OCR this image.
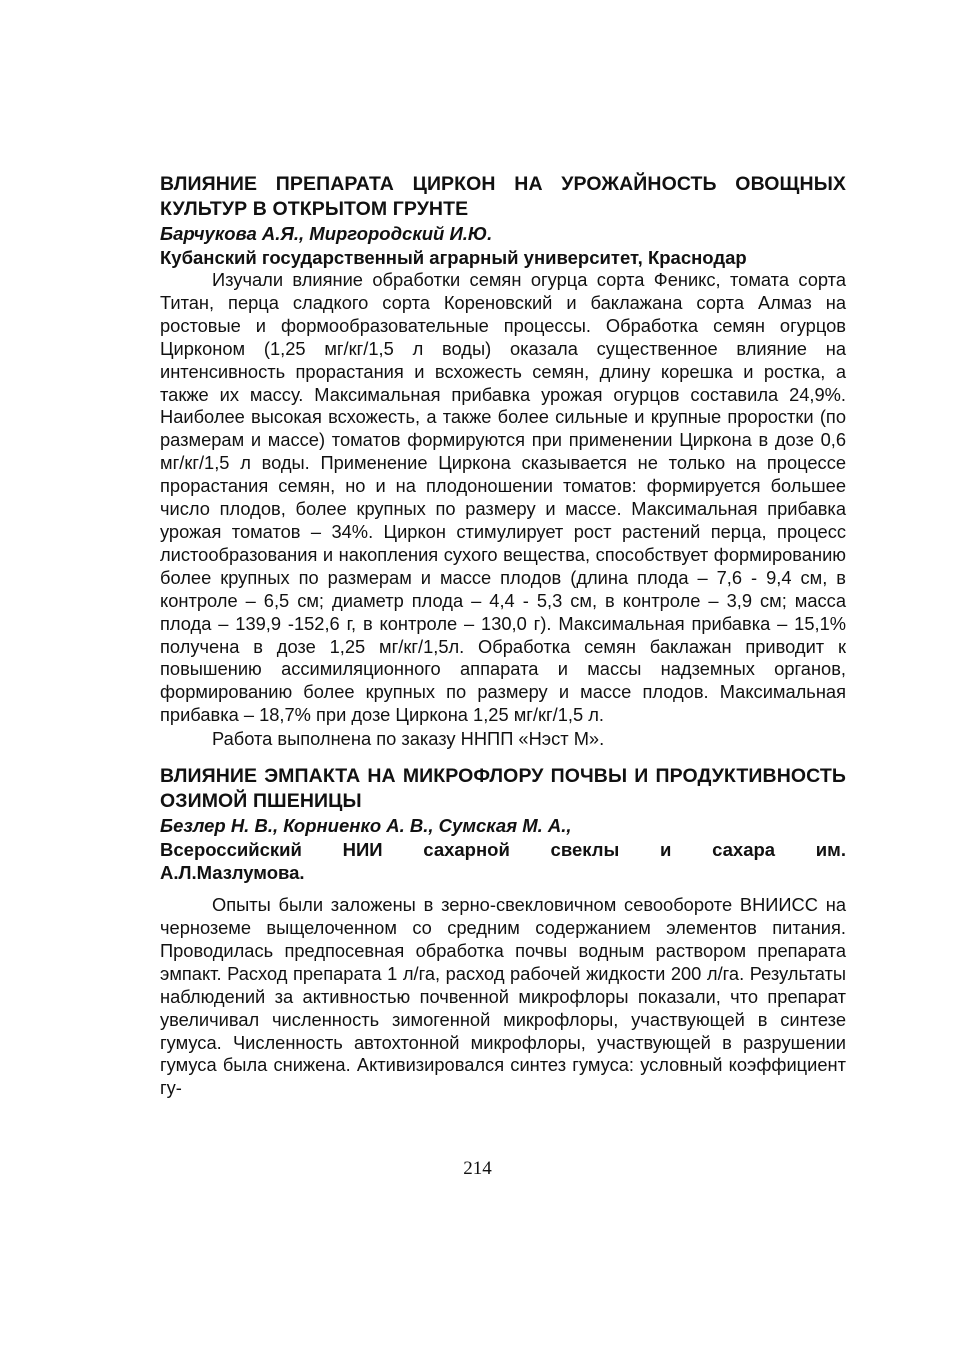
ВЛИЯНИЕ ПРЕПАРАТА ЦИРКОН НА УРОЖАЙНОСТЬ ОВОЩНЫХ КУЛЬТУР В ОТКРЫТОМ ГРУНТЕ

Барчукова А.Я., Миргородский И.Ю.

Кубанский государственный аграрный университет, Краснодар

Изучали влияние обработки семян огурца сорта Феникс, томата сорта Титан, перца сладкого сорта Кореновский и баклажана сорта Алмаз на ростовые и формообразовательные процессы. Обработка семян огурцов Цирконом (1,25 мг/кг/1,5 л воды) оказала существенное влияние на интенсивность прорастания и всхожесть семян, длину корешка и ростка, а также их массу. Максимальная прибавка урожая огурцов составила 24,9%. Наиболее высокая всхожесть, а также более сильные и крупные проростки (по размерам и массе) томатов формируются при применении Циркона в дозе 0,6 мг/кг/1,5 л воды. Применение Циркона сказывается не только на процессе прорастания семян, но и на плодоношении томатов: формируется большее число плодов, более крупных по размеру и массе. Максимальная прибавка урожая томатов – 34%. Циркон стимулирует рост растений перца, процесс листообразования и накопления сухого вещества, способствует формированию более крупных по размерам и массе плодов (длина плода – 7,6 - 9,4 см, в контроле – 6,5 см; диаметр плода – 4,4 - 5,3 см, в контроле – 3,9 см; масса плода – 139,9 -152,6 г, в контроле – 130,0 г). Максимальная прибавка – 15,1% получена в дозе 1,25 мг/кг/1,5л. Обработка семян баклажан приводит к повышению ассимиляционного аппарата и массы надземных органов, формированию более крупных по размеру и массе плодов. Максимальная прибавка – 18,7% при дозе Циркона 1,25 мг/кг/1,5 л.

Работа выполнена по заказу ННПП «Нэст М».

ВЛИЯНИЕ ЭМПАКТА НА МИКРОФЛОРУ ПОЧВЫ И ПРОДУКТИВНОСТЬ ОЗИМОЙ ПШЕНИЦЫ

Безлер Н. В., Корниенко А. В., Сумская М. А.,

Всероссийский НИИ сахарной свеклы и сахара им.

А.Л.Мазлумова.

Опыты были заложены в зерно-свекловичном севообороте ВНИИСС на черноземе выщелоченном со средним содержанием элементов питания. Проводилась предпосевная обработка почвы водным раствором препарата эмпакт. Расход препарата 1 л/га, расход рабочей жидкости 200 л/га. Результаты наблюдений за активностью почвенной микрофлоры показали, что препарат увеличивал численность зимогенной микрофлоры, участвующей в синтезе гумуса. Численность автохтонной микрофлоры, участвующей в разрушении гумуса была снижена. Активизировался синтез гумуса: условный коэффициент гу-

214
